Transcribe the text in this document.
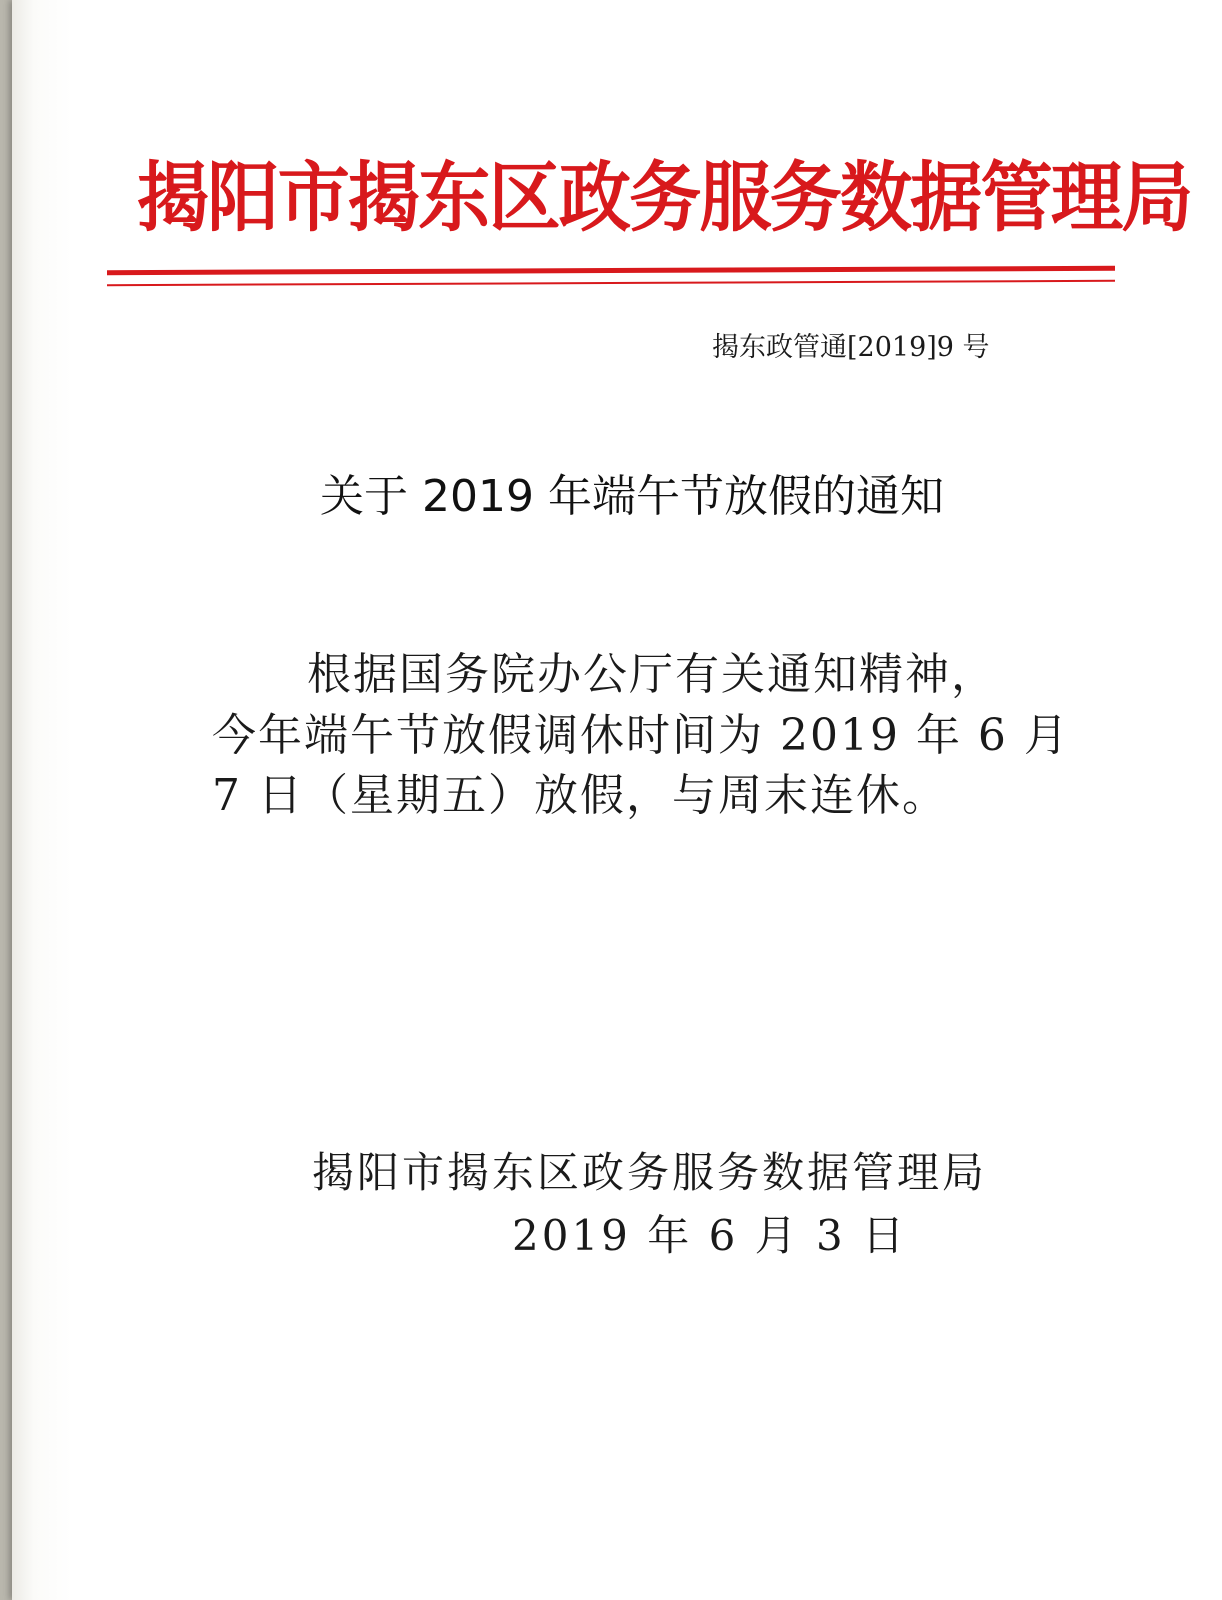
揭阳市揭东区政务服务数据管理局
揭东政管通[2019]9 号
关于 2019 年端午节放假的通知
根据国务院办公厅有关通知精神，
今年端午节放假调休时间为 2019 年 6 月
7 日（星期五）放假，与周末连休。
揭阳市揭东区政务服务数据管理局
2019 年 6 月 3 日
